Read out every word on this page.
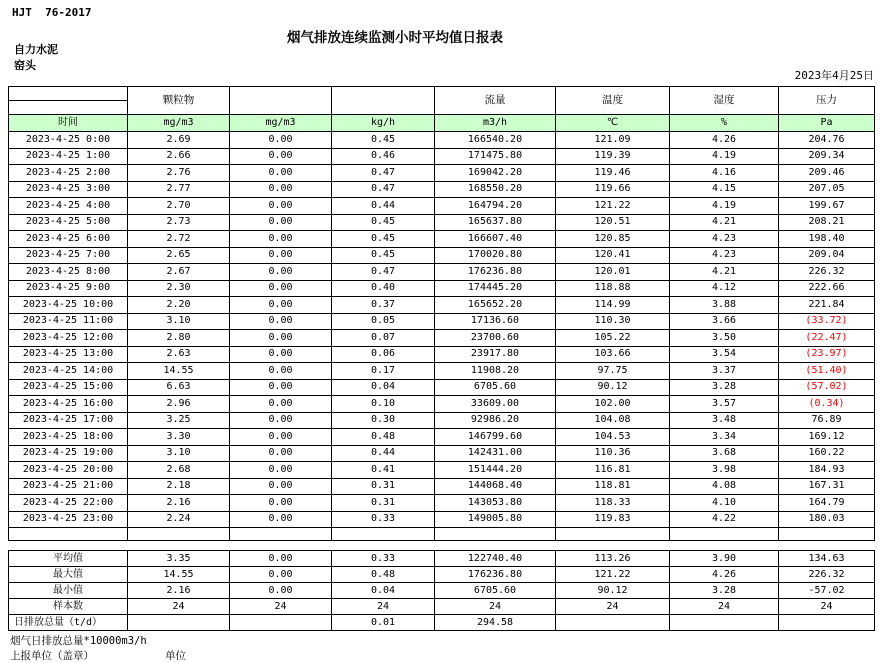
HJT  76-2017
烟气排放连续监测小时平均值日报表
自力水泥
窑头
2023年4月25日
	颗粒物			流量	温度	湿度	压力
时间	mg/m3	mg/m3	kg/h	m3/h	℃	%	Pa
2023-4-25 0:00	2.69	0.00	0.45	166540.20	121.09	4.26	204.76
2023-4-25 1:00	2.66	0.00	0.46	171475.80	119.39	4.19	209.34
2023-4-25 2:00	2.76	0.00	0.47	169042.20	119.46	4.16	209.46
2023-4-25 3:00	2.77	0.00	0.47	168550.20	119.66	4.15	207.05
2023-4-25 4:00	2.70	0.00	0.44	164794.20	121.22	4.19	199.67
2023-4-25 5:00	2.73	0.00	0.45	165637.80	120.51	4.21	208.21
2023-4-25 6:00	2.72	0.00	0.45	166607.40	120.85	4.23	198.40
2023-4-25 7:00	2.65	0.00	0.45	170020.80	120.41	4.23	209.04
2023-4-25 8:00	2.67	0.00	0.47	176236.80	120.01	4.21	226.32
2023-4-25 9:00	2.30	0.00	0.40	174445.20	118.88	4.12	222.66
2023-4-25 10:00	2.20	0.00	0.37	165652.20	114.99	3.88	221.84
2023-4-25 11:00	3.10	0.00	0.05	17136.60	110.30	3.66	(33.72)
2023-4-25 12:00	2.80	0.00	0.07	23700.60	105.22	3.50	(22.47)
2023-4-25 13:00	2.63	0.00	0.06	23917.80	103.66	3.54	(23.97)
2023-4-25 14:00	14.55	0.00	0.17	11908.20	97.75	3.37	(51.40)
2023-4-25 15:00	6.63	0.00	0.04	6705.60	90.12	3.28	(57.02)
2023-4-25 16:00	2.96	0.00	0.10	33609.00	102.00	3.57	(0.34)
2023-4-25 17:00	3.25	0.00	0.30	92986.20	104.08	3.48	76.89
2023-4-25 18:00	3.30	0.00	0.48	146799.60	104.53	3.34	169.12
2023-4-25 19:00	3.10	0.00	0.44	142431.00	110.36	3.68	160.22
2023-4-25 20:00	2.68	0.00	0.41	151444.20	116.81	3.98	184.93
2023-4-25 21:00	2.18	0.00	0.31	144068.40	118.81	4.08	167.31
2023-4-25 22:00	2.16	0.00	0.31	143053.80	118.33	4.10	164.79
2023-4-25 23:00	2.24	0.00	0.33	149005.80	119.83	4.22	180.03

平均值	3.35	0.00	0.33	122740.40	113.26	3.90	134.63
最大值	14.55	0.00	0.48	176236.80	121.22	4.26	226.32
最小值	2.16	0.00	0.04	6705.60	90.12	3.28	-57.02
样本数	24	24	24	24	24	24	24
日排放总量（t/d）			0.01	294.58			
烟气日排放总量*10000m3/h
上报单位（盖章）	单位
